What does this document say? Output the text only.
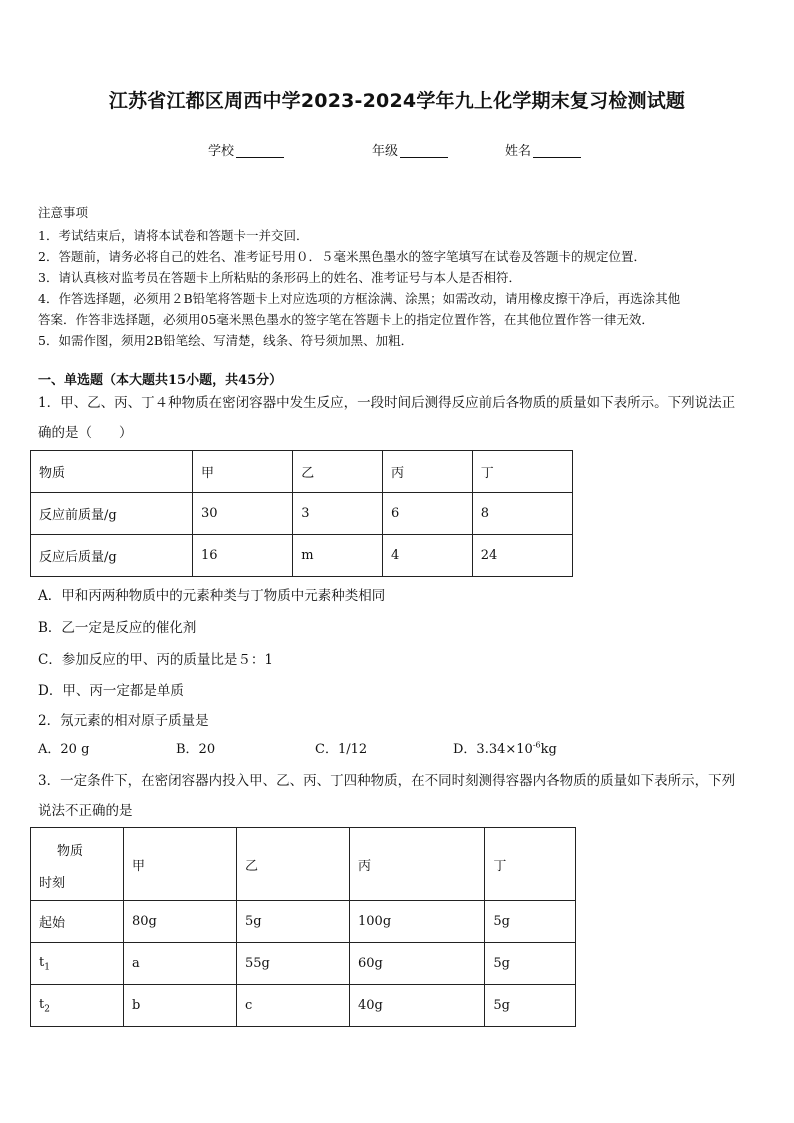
江苏省江都区周西中学2023-2024学年九上化学期末复习检测试题
学校	年级	姓名

注意事项

1．考试结束后，请将本试卷和答题卡一并交回．

2．答题前，请务必将自己的姓名、准考证号用０．５毫米黑色墨水的签字笔填写在试卷及答题卡的规定位置．

3．请认真核对监考员在答题卡上所粘贴的条形码上的姓名、准考证号与本人是否相符．

4．作答选择题，必须用２B铅笔将答题卡上对应选项的方框涂满、涂黑；如需改动，请用橡皮擦干净后，再选涂其他

答案．作答非选择题，必须用05毫米黑色墨水的签字笔在答题卡上的指定位置作答，在其他位置作答一律无效．

5．如需作图，须用2B铅笔绘、写清楚，线条、符号须加黑、加粗．

一、单选题（本大题共15小题，共45分）
1．甲、乙、丙、丁４种物质在密闭容器中发生反应，一段时间后测得反应前后各物质的质量如下表所示。下列说法正
确的是（　　）
物质	甲	乙	丙	丁
反应前质量/g	30	3	6	8
反应后质量/g	16	m	4	24
A．甲和丙两种物质中的元素种类与丁物质中元素种类相同
B．乙一定是反应的催化剂
C．参加反应的甲、丙的质量比是５：1
D．甲、丙一定都是单质
2．氖元素的相对原子质量是
A．20 g	B．20	C．1/12	D．$3.34\times 10^{-6}kg$
3．一定条件下，在密闭容器内投入甲、乙、丙、丁四种物质，在不同时刻测得容器内各物质的质量如下表所示，下列
说法不正确的是
物质
时刻	甲	乙	丙	丁
起始	80g	5g	100g	5g
$t_1$	a	55g	60g	5g
$t_2$	b	c	40g	5g
